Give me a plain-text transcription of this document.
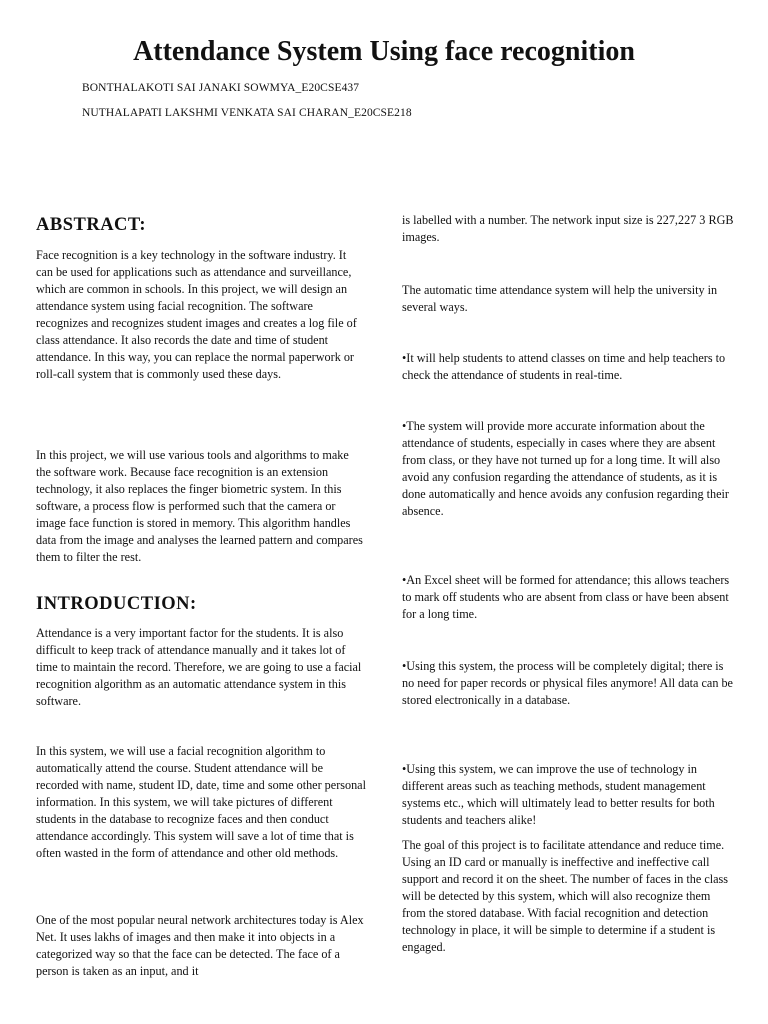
Attendance System Using face recognition
BONTHALAKOTI SAI JANAKI SOWMYA_E20CSE437
NUTHALAPATI LAKSHMI VENKATA SAI CHARAN_E20CSE218
ABSTRACT:

Face recognition is a key technology in the software industry. It can be used for applications such as attendance and surveillance, which are common in schools. In this project, we will design an attendance system using facial recognition. The software recognizes and recognizes student images and creates a log file of class attendance. It also records the date and time of student attendance. In this way, you can replace the normal paperwork or roll-call system that is commonly used these days.

In this project, we will use various tools and algorithms to make the software work. Because face recognition is an extension technology, it also replaces the finger biometric system. In this software, a process flow is performed such that the camera or image face function is stored in memory. This algorithm handles data from the image and analyses the learned pattern and compares them to filter the rest.

INTRODUCTION:

Attendance is a very important factor for the students. It is also difficult to keep track of attendance manually and it takes lot of time to maintain the record. Therefore, we are going to use a facial recognition algorithm as an automatic attendance system in this software.

In this system, we will use a facial recognition algorithm to automatically attend the course. Student attendance will be recorded with name, student ID, date, time and some other personal information. In this system, we will take pictures of different students in the database to recognize faces and then conduct attendance accordingly. This system will save a lot of time that is often wasted in the form of attendance and other old methods.

One of the most popular neural network architectures today is Alex Net. It uses lakhs of images and then make it into objects in a categorized way so that the face can be detected. The face of a person is taken as an input, and it

is labelled with a number. The network input size is 227,227 3 RGB images.

The automatic time attendance system will help the university in several ways.

•It will help students to attend classes on time and help teachers to check the attendance of students in real-time.

•The system will provide more accurate information about the attendance of students, especially in cases where they are absent from class, or they have not turned up for a long time. It will also avoid any confusion regarding the attendance of students, as it is done automatically and hence avoids any confusion regarding their absence.

•An Excel sheet will be formed for attendance; this allows teachers to mark off students who are absent from class or have been absent for a long time.

•Using this system, the process will be completely digital; there is no need for paper records or physical files anymore! All data can be stored electronically in a database.

•Using this system, we can improve the use of technology in different areas such as teaching methods, student management systems etc., which will ultimately lead to better results for both students and teachers alike!

The goal of this project is to facilitate attendance and reduce time. Using an ID card or manually is ineffective and ineffective call support and record it on the sheet. The number of faces in the class will be detected by this system, which will also recognize them from the stored database. With facial recognition and detection technology in place, it will be simple to determine if a student is engaged.
